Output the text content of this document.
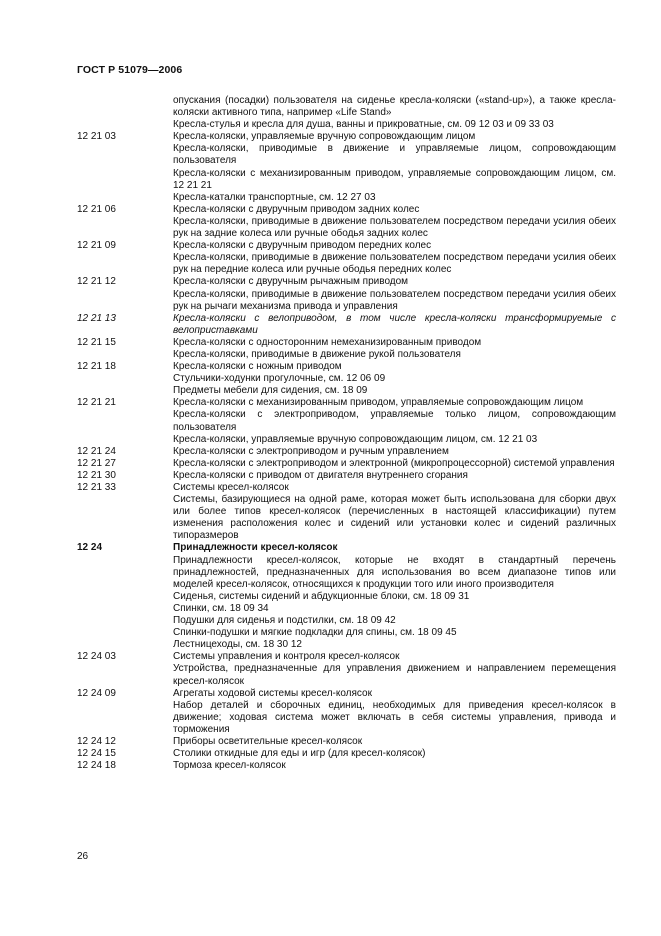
ГОСТ Р 51079—2006
опускания (посадки) пользователя на сиденье кресла-коляски («stand-up»), а также кресла-коляски активного типа, например «Life Stand»
Кресла-стулья и кресла для душа, ванны и прикроватные, см. 09 12 03 и 09 33 03
12 21 03	Кресла-коляски, управляемые вручную сопровождающим лицом
Кресла-коляски, приводимые в движение и управляемые лицом, сопровождающим пользователя
Кресла-коляски с механизированным приводом, управляемые сопровождающим лицом, см. 12 21 21
Кресла-каталки транспортные, см. 12 27 03
12 21 06	Кресла-коляски с двуручным приводом задних колес
Кресла-коляски, приводимые в движение пользователем посредством передачи усилия обеих рук на задние колеса или ручные ободья задних колес
12 21 09	Кресла-коляски с двуручным приводом передних колес
Кресла-коляски, приводимые в движение пользователем посредством передачи усилия обеих рук на передние колеса или ручные ободья передних колес
12 21 12	Кресла-коляски с двуручным рычажным приводом
Кресла-коляски, приводимые в движение пользователем посредством передачи усилия обеих рук на рычаги механизма привода и управления
12 21 13	Кресла-коляски с велоприводом, в том числе кресла-коляски трансформируемые с велоприставками
12 21 15	Кресла-коляски с односторонним немеханизированным приводом
Кресла-коляски, приводимые в движение рукой пользователя
12 21 18	Кресла-коляски с ножным приводом
Стульчики-ходунки прогулочные, см. 12 06 09
Предметы мебели для сидения, см. 18 09
12 21 21	Кресла-коляски с механизированным приводом, управляемые сопровождающим лицом
Кресла-коляски с электроприводом, управляемые только лицом, сопровождающим пользователя
Кресла-коляски, управляемые вручную сопровождающим лицом, см. 12 21 03
12 21 24	Кресла-коляски с электроприводом и ручным управлением
12 21 27	Кресла-коляски с электроприводом и электронной (микропроцессорной) системой управления
12 21 30	Кресла-коляски с приводом от двигателя внутреннего сгорания
12 21 33	Системы кресел-колясок
Системы, базирующиеся на одной раме, которая может быть использована для сборки двух или более типов кресел-колясок (перечисленных в настоящей классификации) путем изменения расположения колес и сидений или установки колес и сидений различных типоразмеров
12 24	Принадлежности кресел-колясок
Принадлежности кресел-колясок, которые не входят в стандартный перечень принадлежностей, предназначенных для использования во всем диапазоне типов или моделей кресел-колясок, относящихся к продукции того или иного производителя
Сиденья, системы сидений и абдукционные блоки, см. 18 09 31
Спинки, см. 18 09 34
Подушки для сиденья и подстилки, см. 18 09 42
Спинки-подушки и мягкие подкладки для спины, см. 18 09 45
Лестницеходы, см. 18 30 12
12 24 03	Системы управления и контроля кресел-колясок
Устройства, предназначенные для управления движением и направлением перемещения кресел-колясок
12 24 09	Агрегаты ходовой системы кресел-колясок
Набор деталей и сборочных единиц, необходимых для приведения кресел-колясок в движение; ходовая система может включать в себя системы управления, привода и торможения
12 24 12	Приборы осветительные кресел-колясок
12 24 15	Столики откидные для еды и игр (для кресел-колясок)
12 24 18	Тормоза кресел-колясок
26
